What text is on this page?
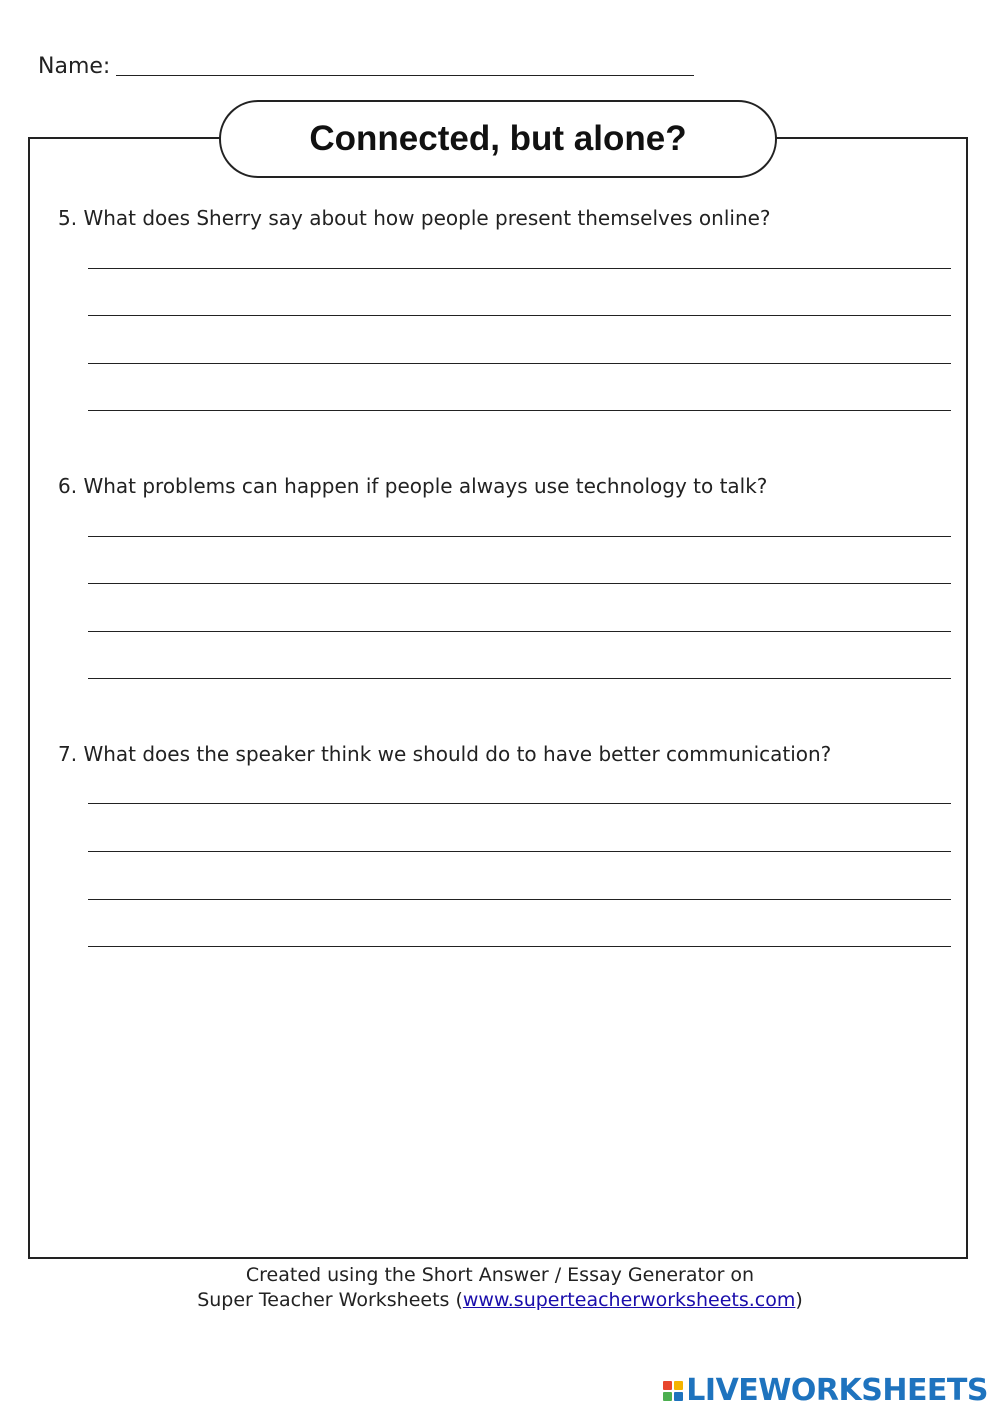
Name:
Connected, but alone?
5. What does Sherry say about how people present themselves online?
6. What problems can happen if people always use technology to talk?
7. What does the speaker think we should do to have better communication?
Created using the Short Answer / Essay Generator on
Super Teacher Worksheets (www.superteacherworksheets.com)
LIVEWORKSHEETS
